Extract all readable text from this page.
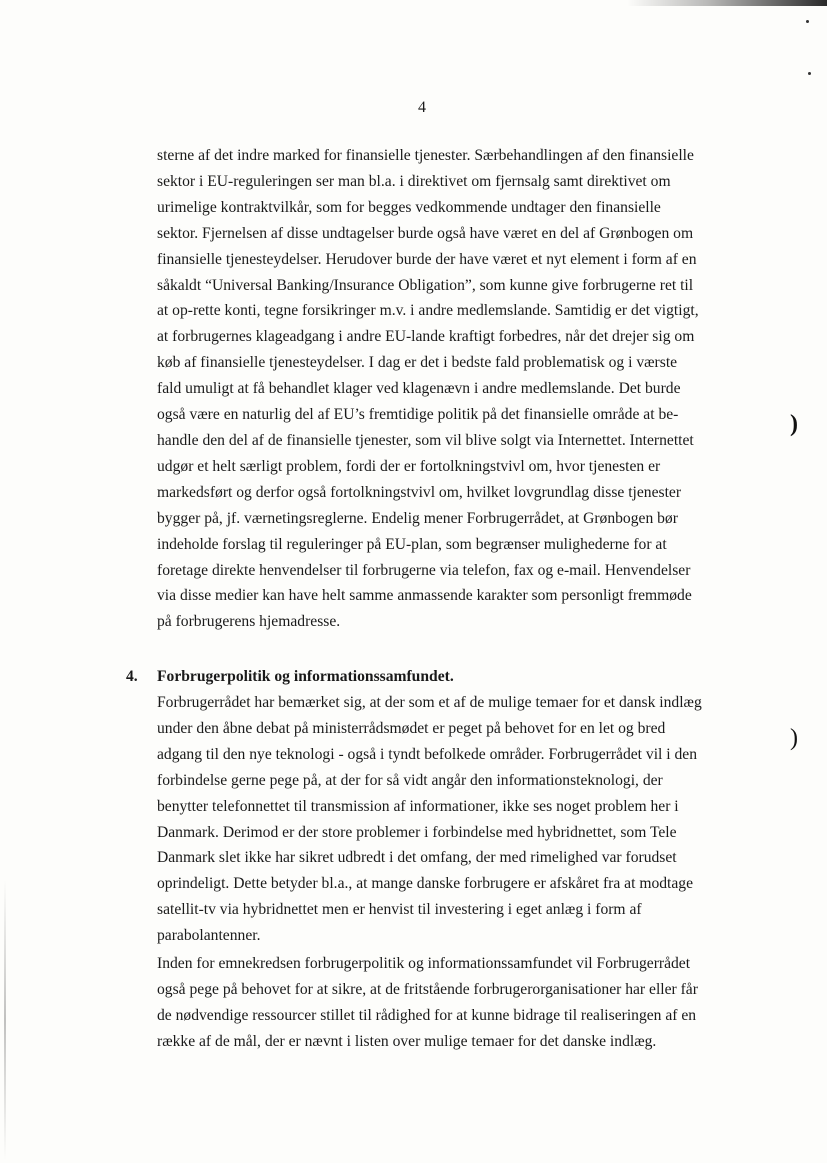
4

sterne af det indre marked for finansielle tjenester. Særbehandlingen af den finansielle

sektor i EU-reguleringen ser man bl.a. i direktivet om fjernsalg samt direktivet om

urimelige kontraktvilkår, som for begges vedkommende undtager den finansielle

sektor. Fjernelsen af disse undtagelser burde også have været en del af Grønbogen om

finansielle tjenesteydelser. Herudover burde der have været et nyt element i form af en

såkaldt “Universal Banking/Insurance Obligation”, som kunne give forbrugerne ret til

at op-rette konti, tegne forsikringer m.v. i andre medlemslande. Samtidig er det vigtigt,

at forbrugernes klageadgang i andre EU-lande kraftigt forbedres, når det drejer sig om

køb af finansielle tjenesteydelser. I dag er det i bedste fald problematisk og i værste

fald umuligt at få behandlet klager ved klagenævn i andre medlemslande. Det burde

også være en naturlig del af EU’s fremtidige politik på det finansielle område at be-

handle den del af de finansielle tjenester, som vil blive solgt via Internettet. Internettet

udgør et helt særligt problem, fordi der er fortolkningstvivl om, hvor tjenesten er

markedsført og derfor også fortolkningstvivl om, hvilket lovgrundlag disse tjenester

bygger på, jf. værnetingsreglerne. Endelig mener Forbrugerrådet, at Grønbogen bør

indeholde forslag til reguleringer på EU-plan, som begrænser mulighederne for at

foretage direkte henvendelser til forbrugerne via telefon, fax og e-mail. Henvendelser

via disse medier kan have helt samme anmassende karakter som personligt fremmøde

på forbrugerens hjemadresse.

4. Forbrugerpolitik og informationssamfundet.

Forbrugerrådet har bemærket sig, at der som et af de mulige temaer for et dansk indlæg

under den åbne debat på ministerrådsmødet er peget på behovet for en let og bred

adgang til den nye teknologi - også i tyndt befolkede områder. Forbrugerrådet vil i den

forbindelse gerne pege på, at der for så vidt angår den informationsteknologi, der

benytter telefonnettet til transmission af informationer, ikke ses noget problem her i

Danmark. Derimod er der store problemer i forbindelse med hybridnettet, som Tele

Danmark slet ikke har sikret udbredt i det omfang, der med rimelighed var forudset

oprindeligt. Dette betyder bl.a., at mange danske forbrugere er afskåret fra at modtage

satellit-tv via hybridnettet men er henvist til investering i eget anlæg i form af

parabolantenner.

Inden for emnekredsen forbrugerpolitik og informationssamfundet vil Forbrugerrådet

også pege på behovet for at sikre, at de fritstående forbrugerorganisationer har eller får

de nødvendige ressourcer stillet til rådighed for at kunne bidrage til realiseringen af en

række af de mål, der er nævnt i listen over mulige temaer for det danske indlæg.

)
)
